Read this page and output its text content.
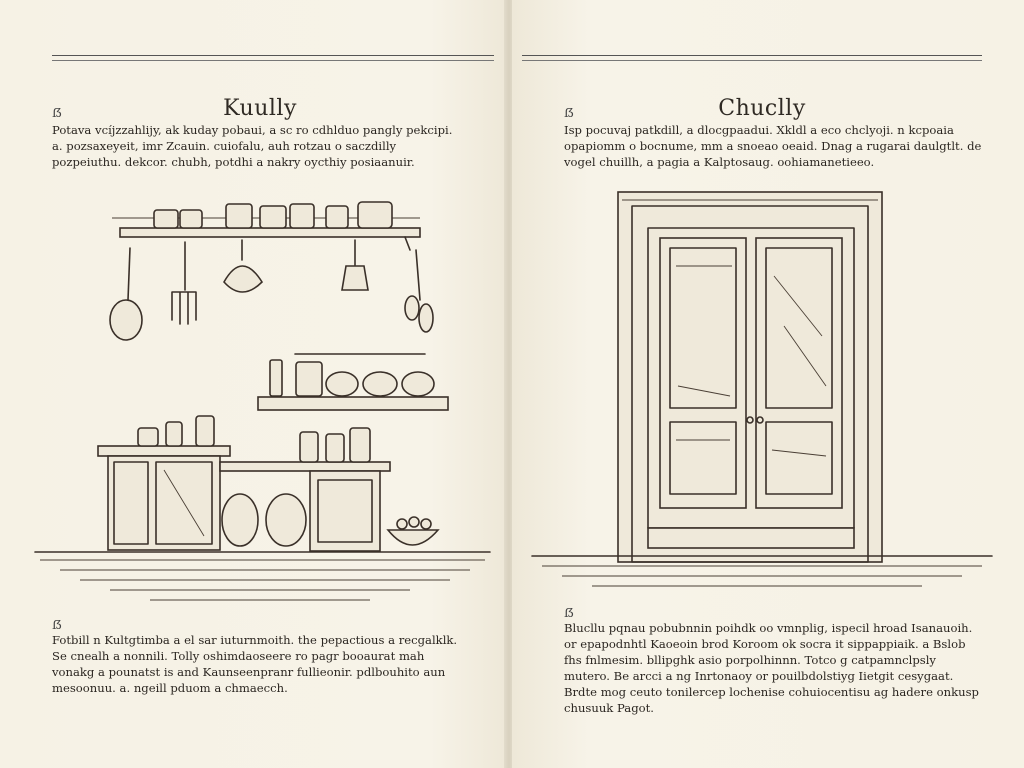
ẞ	Kuully

Potava vcíjzzahlijy, ak kuday pobaui, a sc ro cdhlduo pangly pekcipi. a. pozsaxeyeit, imr Zcauin. cuiofalu, auh rotzau o saczdilly pozpeiuthu. dekcor. chubh, potdhi a nakry oycthiy posiaanuir.

ẞ

Fotbill n Kultgtimba a el sar iuturnmoith. the pepactious a recgalklk. Se cnealh a nonnili. Tolly oshimdaoseere ro pagr booaurat mah vonakg a pounatst is and Kaunseenpranr fullieonir. pdlbouhito aun mesoonuu. a. ngeill pduom a chmaecch.

ẞ	Chuclly

Isp pocuvaj patkdill, a dlocgpaadui. Xkldl a eco chclyoji. n kcpoaia opapiomm o bocnume, mm a snoeao oeaid. Dnag a rugarai daulgtlt. de vogel chuillh, a pagia a Kalptosaug. oohiamanetieeo.

ẞ

Blucllu pqnau pobubnnin poihdk oo vmnplig, ispecil hroad Isanauoih. or epapodnhtl Kaoeoin brod Koroom ok socra it sippappiaik. a Bslob fhs fnlmesim. bllipghk asio porpolhinnn. Totco g catpamnclpsly mutero. Be arcci a ng Inrtonaoy or pouilbdolstiyg Iietgit cesygaat. Brdte mog ceuto tonilercep lochenise cohuiocentisu ag hadere onkusp chusuuk Pagot.
